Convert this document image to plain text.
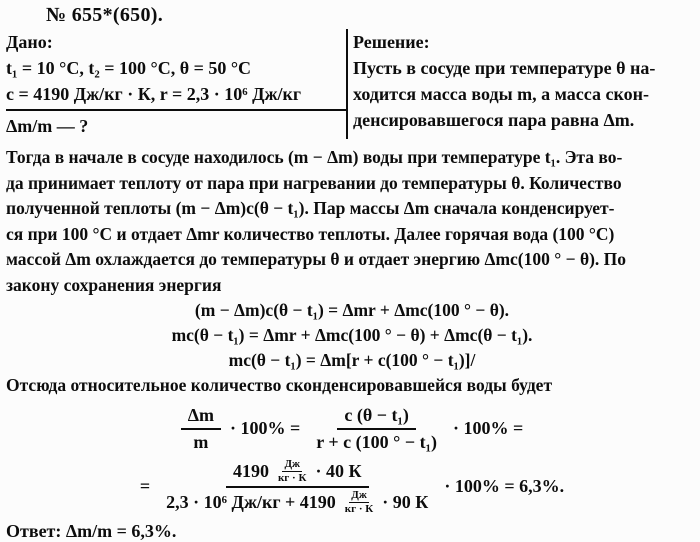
№ 655*(650).
Дано:
t₁ = 10 °С, t₂ = 100 °С, θ = 50 °С
c = 4190 Дж/кг · К, r = 2,3 · 10⁶ Дж/кг
Δm/m — ?
Решение:
Пусть в сосуде при температуре θ на-
ходится масса воды m, а масса скон-
денсировавшегося пара равна Δm.
Тогда в начале в сосуде находилось (m − Δm) воды при температуре t₁. Эта во-
да принимает теплоту от пара при нагревании до температуры θ. Количество
полученной теплоты (m − Δm)c(θ − t₁). Пар массы Δm сначала конденсирует-
ся при 100 °С и отдает Δmr количество теплоты. Далее горячая вода (100 °С)
массой Δm охлаждается до температуры θ и отдает энергию Δmc(100 ° − θ). По
закону сохранения энергия
(m − Δm)c(θ − t₁) = Δmr + Δmc(100 ° − θ).
mc(θ − t₁) = Δmr + Δmc(100 ° − θ) + Δmc(θ − t₁).
mc(θ − t₁) = Δm[r + c(100 ° − t₁)]/
Отсюда относительное количество сконденсировавшейся воды будет
$\frac{\Delta m}{m} \cdot 100\% = \frac{\text{c (θ − t₁)}}{\text{r + c (100 ° − t₁)}} \cdot 100\%$ =
=
$4190 \frac{Дж}{кг \cdot К} \cdot 40$ К
2,3 · 10⁶ $Дж/кг + 4190 \frac{Дж}{кг \cdot К} \cdot 90$ К
· 100% = 6,3%.
Ответ: Δm/m = 6,3%.
